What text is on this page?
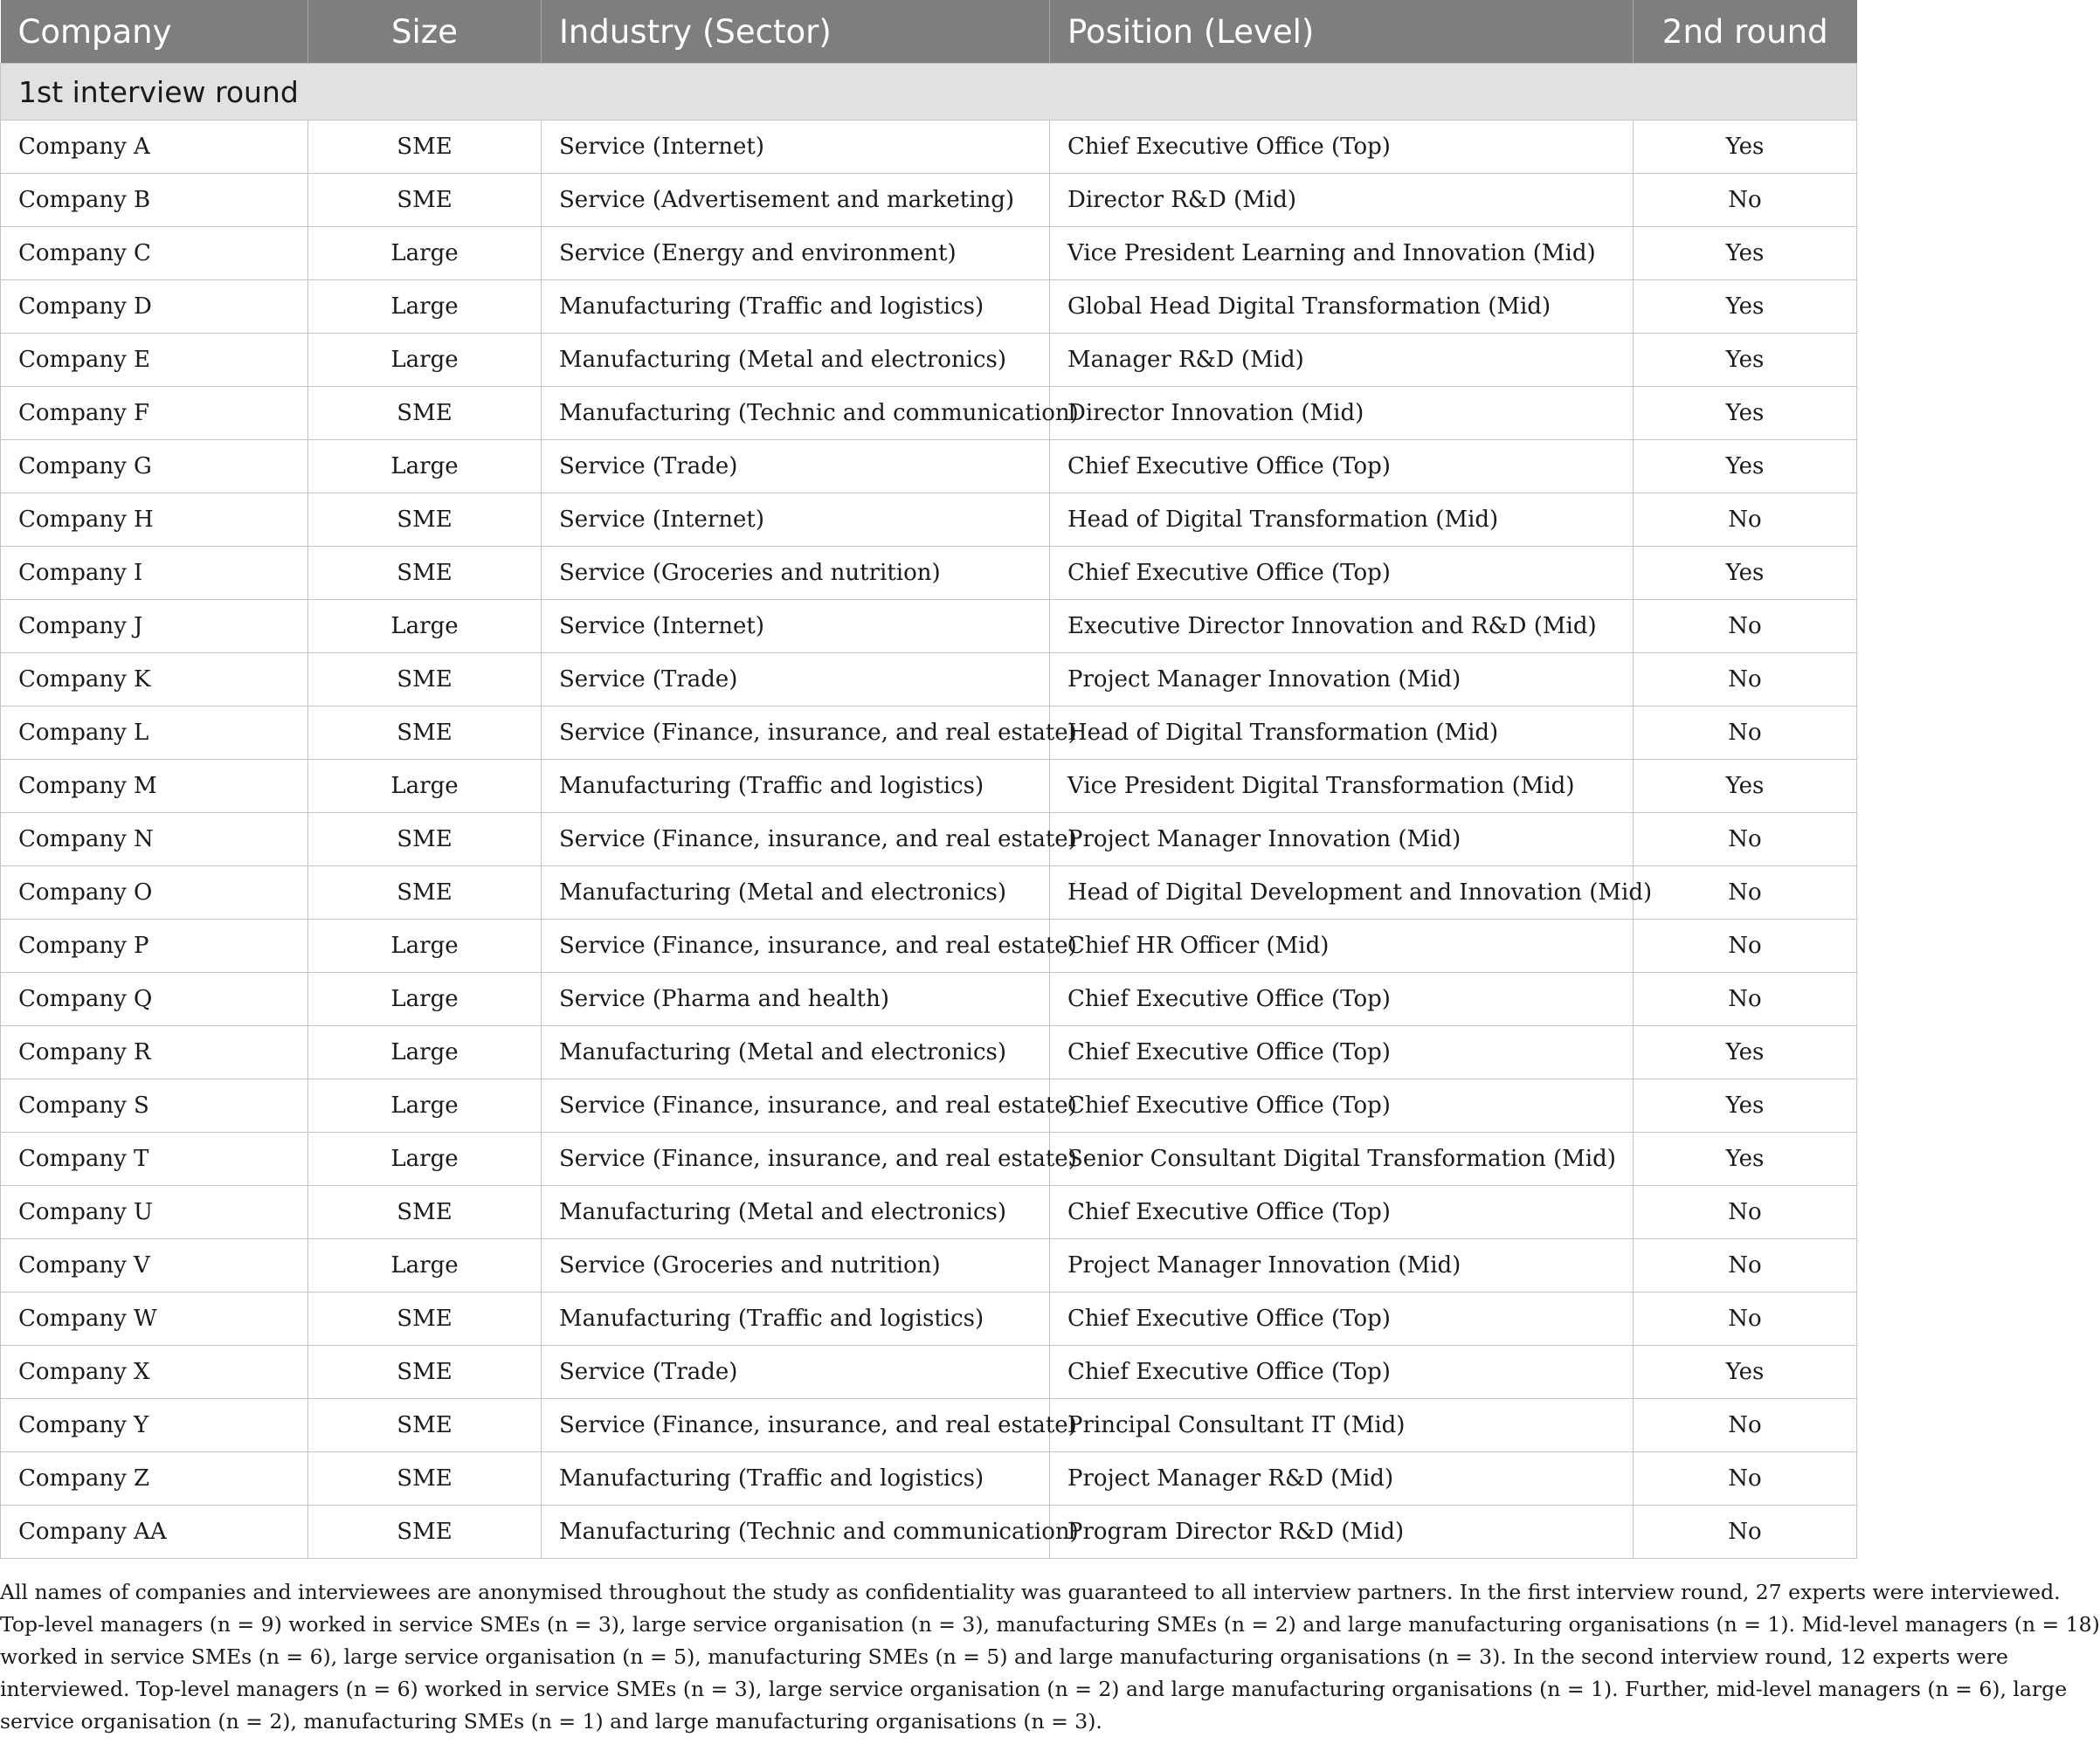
Company	Size	Industry (Sector)	Position (Level)	2nd round
1st interview round				
Company A	SME	Service (Internet)	Chief Executive Office (Top)	Yes
Company B	SME	Service (Advertisement and marketing)	Director R&D (Mid)	No
Company C	Large	Service (Energy and environment)	Vice President Learning and Innovation (Mid)	Yes
Company D	Large	Manufacturing (Traffic and logistics)	Global Head Digital Transformation (Mid)	Yes
Company E	Large	Manufacturing (Metal and electronics)	Manager R&D (Mid)	Yes
Company F	SME	Manufacturing (Technic and communication)	Director Innovation (Mid)	Yes
Company G	Large	Service (Trade)	Chief Executive Office (Top)	Yes
Company H	SME	Service (Internet)	Head of Digital Transformation (Mid)	No
Company I	SME	Service (Groceries and nutrition)	Chief Executive Office (Top)	Yes
Company J	Large	Service (Internet)	Executive Director Innovation and R&D (Mid)	No
Company K	SME	Service (Trade)	Project Manager Innovation (Mid)	No
Company L	SME	Service (Finance, insurance, and real estate)	Head of Digital Transformation (Mid)	No
Company M	Large	Manufacturing (Traffic and logistics)	Vice President Digital Transformation (Mid)	Yes
Company N	SME	Service (Finance, insurance, and real estate)	Project Manager Innovation (Mid)	No
Company O	SME	Manufacturing (Metal and electronics)	Head of Digital Development and Innovation (Mid)	No
Company P	Large	Service (Finance, insurance, and real estate)	Chief HR Officer (Mid)	No
Company Q	Large	Service (Pharma and health)	Chief Executive Office (Top)	No
Company R	Large	Manufacturing (Metal and electronics)	Chief Executive Office (Top)	Yes
Company S	Large	Service (Finance, insurance, and real estate)	Chief Executive Office (Top)	Yes
Company T	Large	Service (Finance, insurance, and real estate)	Senior Consultant Digital Transformation (Mid)	Yes
Company U	SME	Manufacturing (Metal and electronics)	Chief Executive Office (Top)	No
Company V	Large	Service (Groceries and nutrition)	Project Manager Innovation (Mid)	No
Company W	SME	Manufacturing (Traffic and logistics)	Chief Executive Office (Top)	No
Company X	SME	Service (Trade)	Chief Executive Office (Top)	Yes
Company Y	SME	Service (Finance, insurance, and real estate)	Principal Consultant IT (Mid)	No
Company Z	SME	Manufacturing (Traffic and logistics)	Project Manager R&D (Mid)	No
Company AA	SME	Manufacturing (Technic and communication)	Program Director R&D (Mid)	No
All names of companies and interviewees are anonymised throughout the study as confidentiality was guaranteed to all interview partners. In the first interview round, 27 experts were interviewed.
Top-level managers (n = 9) worked in service SMEs (n = 3), large service organisation (n = 3), manufacturing SMEs (n = 2) and large manufacturing organisations (n = 1). Mid-level managers (n = 18)
worked in service SMEs (n = 6), large service organisation (n = 5), manufacturing SMEs (n = 5) and large manufacturing organisations (n = 3). In the second interview round, 12 experts were
interviewed. Top-level managers (n = 6) worked in service SMEs (n = 3), large service organisation (n = 2) and large manufacturing organisations (n = 1). Further, mid-level managers (n = 6), large
service organisation (n = 2), manufacturing SMEs (n = 1) and large manufacturing organisations (n = 3).
